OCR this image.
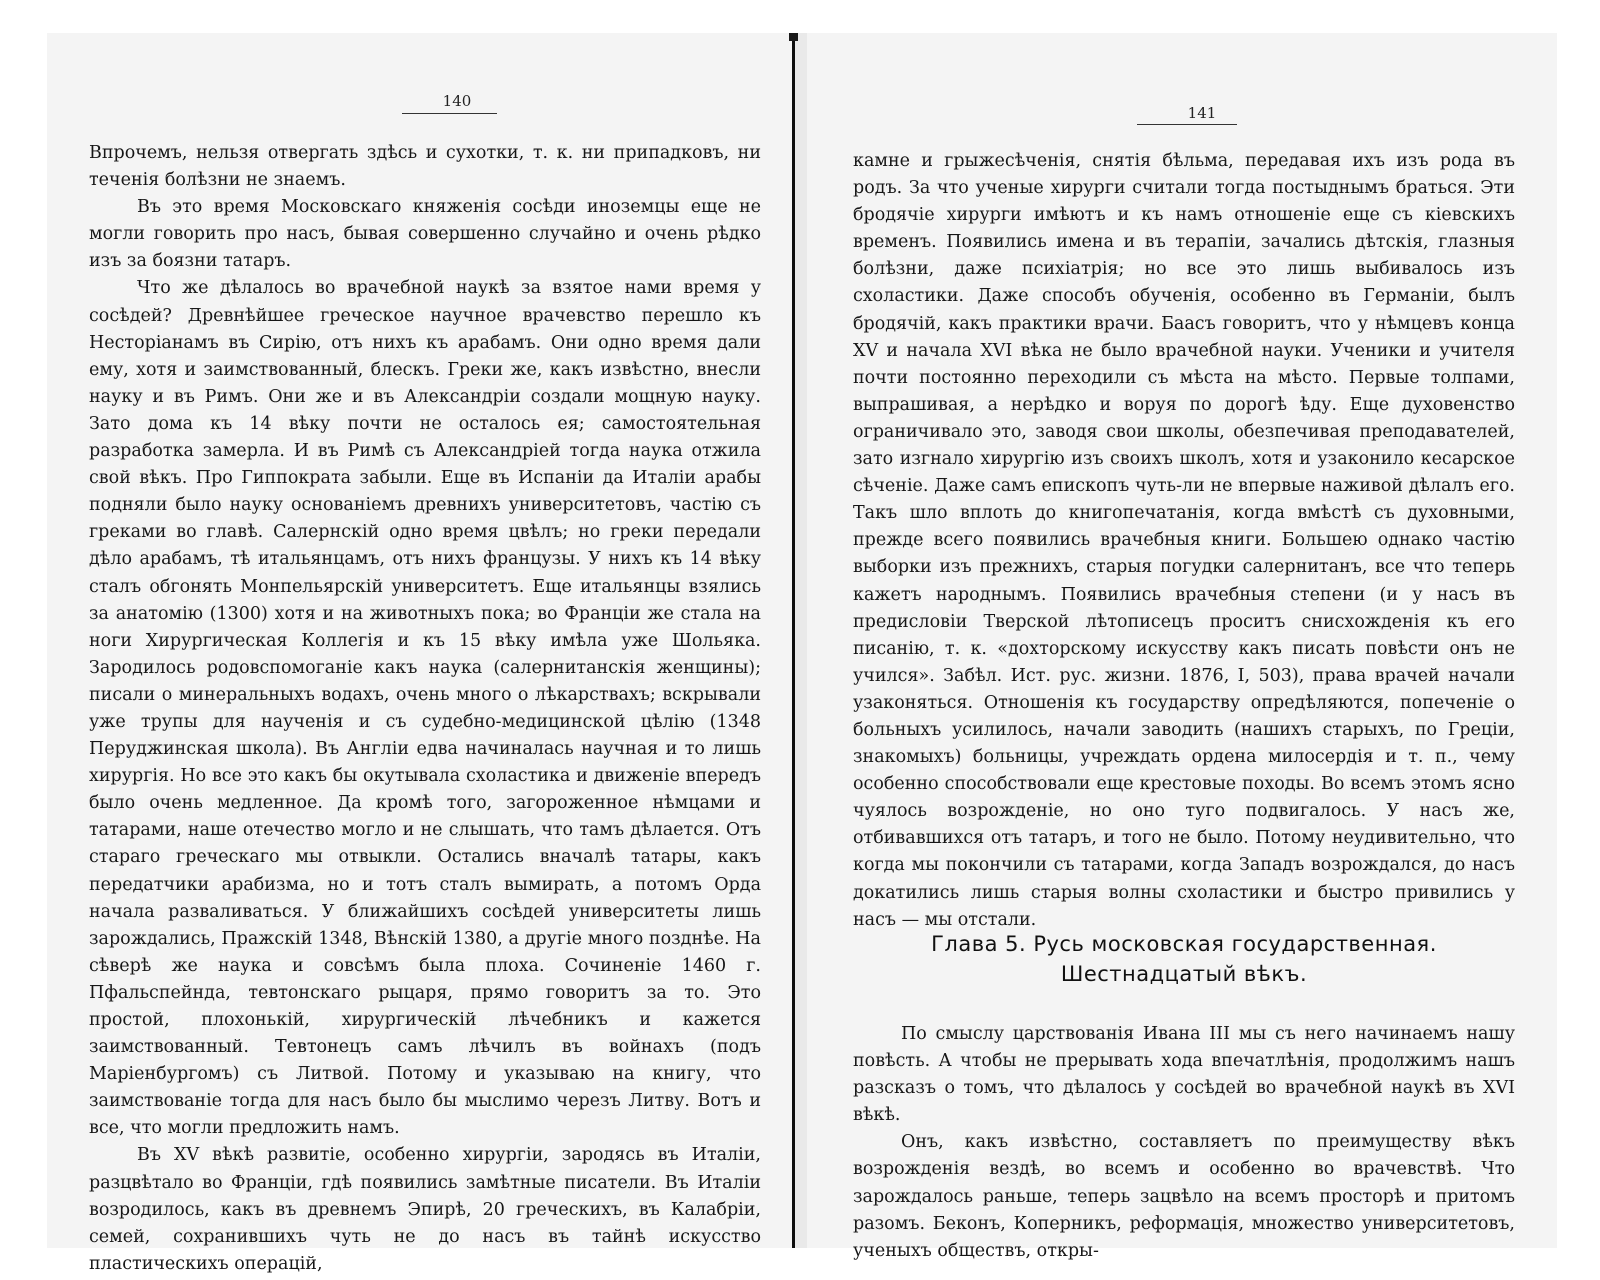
140

Впрочемъ, нельзя отвергать здѣсь и сухотки, т. к. ни припадковъ, ни теченія болѣзни не знаемъ.

Въ это время Московскаго княженія сосѣди иноземцы еще не могли говорить про насъ, бывая совершенно случайно и очень рѣдко изъ за боязни татаръ.

Что же дѣлалось во врачебной наукѣ за взятое нами время у сосѣдей? Древнѣйшее греческое научное врачевство перешло къ Несторіанамъ въ Сирію, отъ нихъ къ арабамъ. Они одно время дали ему, хотя и заимствованный, блескъ. Греки же, какъ извѣстно, внесли науку и въ Римъ. Они же и въ Александріи создали мощную науку. Зато дома къ 14 вѣку почти не осталось ея; самостоятельная разработка замерла. И въ Римѣ съ Александріей тогда наука отжила свой вѣкъ. Про Гиппократа забыли. Еще въ Испаніи да Италіи арабы подняли было науку основаніемъ древнихъ университетовъ, частію съ греками во главѣ. Салернскій одно время цвѣлъ; но греки передали дѣло арабамъ, тѣ итальянцамъ, отъ нихъ французы. У нихъ къ 14 вѣку сталъ обгонять Монпельярскій университетъ. Еще итальянцы взялись за анатомію (1300) хотя и на животныхъ пока; во Франціи же стала на ноги Хирургическая Коллегія и къ 15 вѣку имѣла уже Шольяка. Зародилось родовспомоганіе какъ наука (салернитанскія женщины); писали о минеральныхъ водахъ, очень много о лѣкарствахъ; вскрывали уже трупы для наученія и съ судебно-медицинской цѣлію (1348 Перуджинская школа). Въ Англіи едва начиналась научная и то лишь хирургія. Но все это какъ бы окутывала схоластика и движеніе впередъ было очень медленное. Да кромѣ того, загороженное нѣмцами и татарами, наше отечество могло и не слышать, что тамъ дѣлается. Отъ стараго греческаго мы отвыкли. Остались вначалѣ татары, какъ передатчики арабизма, но и тотъ сталъ вымирать, а потомъ Орда начала разваливаться. У ближайшихъ сосѣдей университеты лишь зарождались, Пражскій 1348, Вѣнскій 1380, а другіе много позднѣе. На сѣверѣ же наука и совсѣмъ была плоха. Сочиненіе 1460 г. Пфальспейнда, тевтонскаго рыцаря, прямо говоритъ за то. Это простой, плохонькій, хирургическій лѣчебникъ и кажется заимствованный. Тевтонецъ самъ лѣчилъ въ войнахъ (подъ Маріенбургомъ) съ Литвой. Потому и указываю на книгу, что заимствованіе тогда для насъ было бы мыслимо черезъ Литву. Вотъ и все, что могли предложить намъ.

Въ XV вѣкѣ развитіе, особенно хирургіи, зародясь въ Италіи, разцвѣтало во Франціи, гдѣ появились замѣтные писатели. Въ Италіи возродилось, какъ въ древнемъ Эпирѣ, 20 греческихъ, въ Калабріи, семей, сохранившихъ чуть не до насъ въ тайнѣ искусство пластическихъ операцій,

141

камне и грыжесѣченія, снятія бѣльма, передавая ихъ изъ рода въ родъ. За что ученые хирурги считали тогда постыднымъ браться. Эти бродячіе хирурги имѣютъ и къ намъ отношеніе еще съ кіевскихъ временъ. Появились имена и въ терапіи, зачались дѣтскія, глазныя болѣзни, даже психіатрія; но все это лишь выбивалось изъ схоластики. Даже способъ обученія, особенно въ Германіи, былъ бродячій, какъ практики врачи. Баасъ говоритъ, что у нѣмцевъ конца XV и начала XVI вѣка не было врачебной науки. Ученики и учителя почти постоянно переходили съ мѣста на мѣсто. Первые толпами, выпрашивая, а нерѣдко и воруя по дорогѣ ѣду. Еще духовенство ограничивало это, заводя свои школы, обезпечивая преподавателей, зато изгнало хирургію изъ своихъ школъ, хотя и узаконило кесарское сѣченіе. Даже самъ епископъ чуть-ли не впервые наживой дѣлалъ его. Такъ шло вплоть до книгопечатанія, когда вмѣстѣ съ духовными, прежде всего появились врачебныя книги. Большею однако частію выборки изъ прежнихъ, старыя погудки салернитанъ, все что теперь кажетъ народнымъ. Появились врачебныя степени (и у насъ въ предисловіи Тверской лѣтописецъ проситъ снисхожденія къ его писанію, т. к. «дохторскому искусству какъ писать повѣсти онъ не учился». Забѣл. Ист. рус. жизни. 1876, I, 503), права врачей начали узаконяться. Отношенія къ государству опредѣляются, попеченіе о больныхъ усилилось, начали заводить (нашихъ старыхъ, по Греціи, знакомыхъ) больницы, учреждать ордена милосердія и т. п., чему особенно способствовали еще крестовые походы. Во всемъ этомъ ясно чуялось возрожденіе, но оно туго подвигалось. У насъ же, отбивавшихся отъ татаръ, и того не было. Потому неудивительно, что когда мы покончили съ татарами, когда Западъ возрождался, до насъ докатились лишь старыя волны схоластики и быстро привились у насъ — мы отстали.

Глава 5. Русь московская государственная.
Шестнадцатый вѣкъ.

По смыслу царствованія Ивана III мы съ него начинаемъ нашу повѣсть. А чтобы не прерывать хода впечатлѣнія, продолжимъ нашъ разсказъ о томъ, что дѣлалось у сосѣдей во врачебной наукѣ въ XVI вѣкѣ.

Онъ, какъ извѣстно, составляетъ по преимуществу вѣкъ возрожденія вездѣ, во всемъ и особенно во врачевствѣ. Что зарождалось раньше, теперь зацвѣло на всемъ просторѣ и притомъ разомъ. Беконъ, Коперникъ, реформація, множество университетовъ, ученыхъ обществъ, откры-
